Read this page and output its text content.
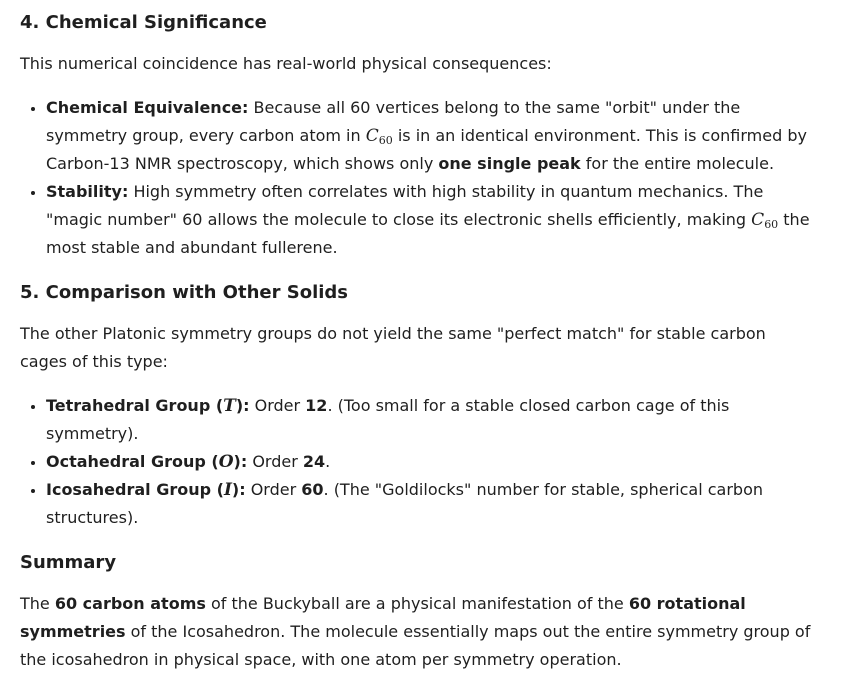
4. Chemical Significance

This numerical coincidence has real-world physical consequences:

• Chemical Equivalence: Because all 60 vertices belong to the same "orbit" under the symmetry group, every carbon atom in $C_{60}$ is in an identical environment. This is confirmed by Carbon-13 NMR spectroscopy, which shows only one single peak for the entire molecule.
• Stability: High symmetry often correlates with high stability in quantum mechanics. The "magic number" 60 allows the molecule to close its electronic shells efficiently, making $C_{60}$ the most stable and abundant fullerene.
5. Comparison with Other Solids

The other Platonic symmetry groups do not yield the same "perfect match" for stable carbon cages of this type:

• Tetrahedral Group (T): Order 12. (Too small for a stable closed carbon cage of this symmetry).
• Octahedral Group (O): Order 24.
• Icosahedral Group (I): Order 60. (The "Goldilocks" number for stable, spherical carbon structures).
Summary

The 60 carbon atoms of the Buckyball are a physical manifestation of the 60 rotational symmetries of the Icosahedron. The molecule essentially maps out the entire symmetry group of the icosahedron in physical space, with one atom per symmetry operation.
